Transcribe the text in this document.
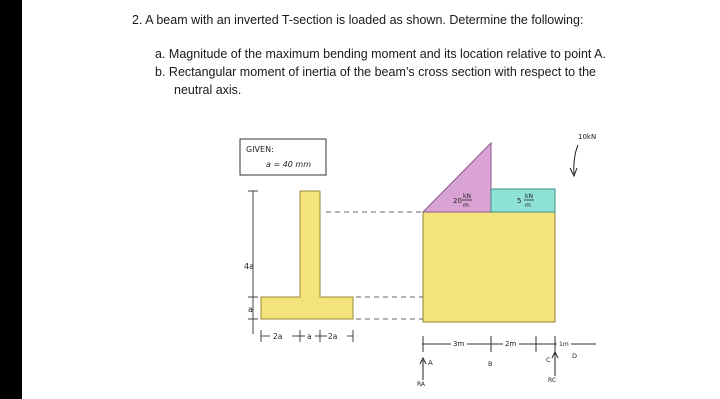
2. A beam with an inverted T-section is loaded as shown. Determine the following:
a. Magnitude of the maximum bending moment and its location relative to point A.
b. Rectangular moment of inertia of the beam’s cross section with respect to the
neutral axis.
GIVEN:
a = 40 mm
4a
a
2a	a 2a
20
kN
m
5
kN
m
10kN
3m	2m	1m
A
RA
B	C
RC
D
